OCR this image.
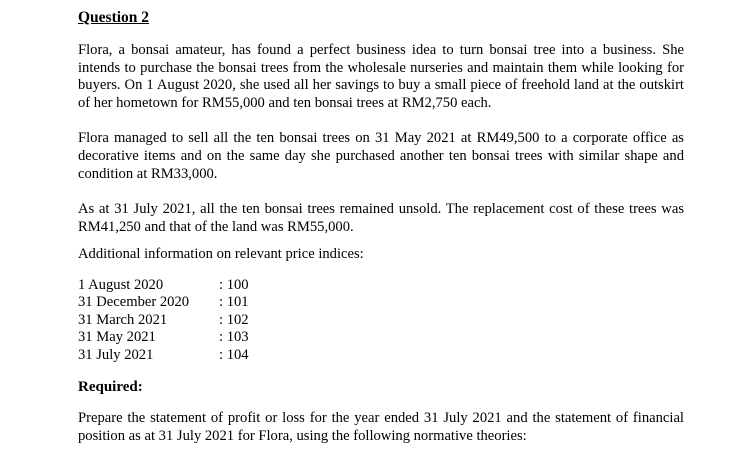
Question 2

Flora, a bonsai amateur, has found a perfect business idea to turn bonsai tree into a business. She intends to purchase the bonsai trees from the wholesale nurseries and maintain them while looking for buyers. On 1 August 2020, she used all her savings to buy a small piece of freehold land at the outskirt of her hometown for RM55,000 and ten bonsai trees at RM2,750 each.

Flora managed to sell all the ten bonsai trees on 31 May 2021 at RM49,500 to a corporate office as decorative items and on the same day she purchased another ten bonsai trees with similar shape and condition at RM33,000.

As at 31 July 2021, all the ten bonsai trees remained unsold. The replacement cost of these trees was RM41,250 and that of the land was RM55,000.

Additional information on relevant price indices:

1 August 2020	: 100
31 December 2020	: 101
31 March 2021	: 102
31 May 2021	: 103
31 July 2021	: 104
Required:

Prepare the statement of profit or loss for the year ended 31 July 2021 and the statement of financial position as at 31 July 2021 for Flora, using the following normative theories:
